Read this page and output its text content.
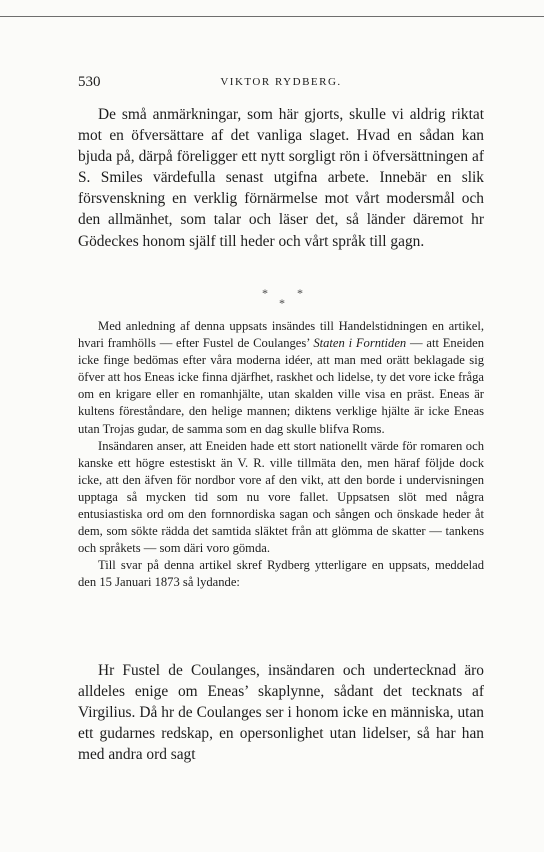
530	VIKTOR RYDBERG.

De små anmärkningar, som här gjorts, skulle vi aldrig riktat mot en öfversättare af det vanliga slaget. Hvad en sådan kan bjuda på, därpå föreligger ett nytt sorgligt rön i öfversättningen af S. Smiles värdefulla senast utgifna arbete. Innebär en slik försvenskning en verklig förnärmelse mot vårt modersmål och den allmänhet, som talar och läser det, så länder däremot hr Gödeckes honom själf till heder och vårt språk till gagn.

* *
*

Med anledning af denna uppsats insändes till Handelstidningen en artikel, hvari framhölls — efter Fustel de Coulanges’ Staten i Forntiden — att Eneiden icke finge bedömas efter våra moderna idéer, att man med orätt beklagade sig öfver att hos Eneas icke finna djärfhet, raskhet och lidelse, ty det vore icke fråga om en krigare eller en romanhjälte, utan skalden ville visa en präst. Eneas är kultens föreståndare, den helige mannen; diktens verklige hjälte är icke Eneas utan Trojas gudar, de samma som en dag skulle blifva Roms.

Insändaren anser, att Eneiden hade ett stort nationellt värde för romaren och kanske ett högre estestiskt än V. R. ville tillmäta den, men häraf följde dock icke, att den äfven för nordbor vore af den vikt, att den borde i undervisningen upptaga så mycken tid som nu vore fallet. Uppsatsen slöt med några entusiastiska ord om den fornnordiska sagan och sången och önskade heder åt dem, som sökte rädda det samtida släktet från att glömma de skatter — tankens och språkets — som däri voro gömda.

Till svar på denna artikel skref Rydberg ytterligare en uppsats, meddelad den 15 Januari 1873 så lydande:

Hr Fustel de Coulanges, insändaren och undertecknad äro alldeles enige om Eneas’ skaplynne, sådant det tecknats af Virgilius. Då hr de Coulanges ser i honom icke en människa, utan ett gudarnes redskap, en opersonlighet utan lidelser, så har han med andra ord sagt
